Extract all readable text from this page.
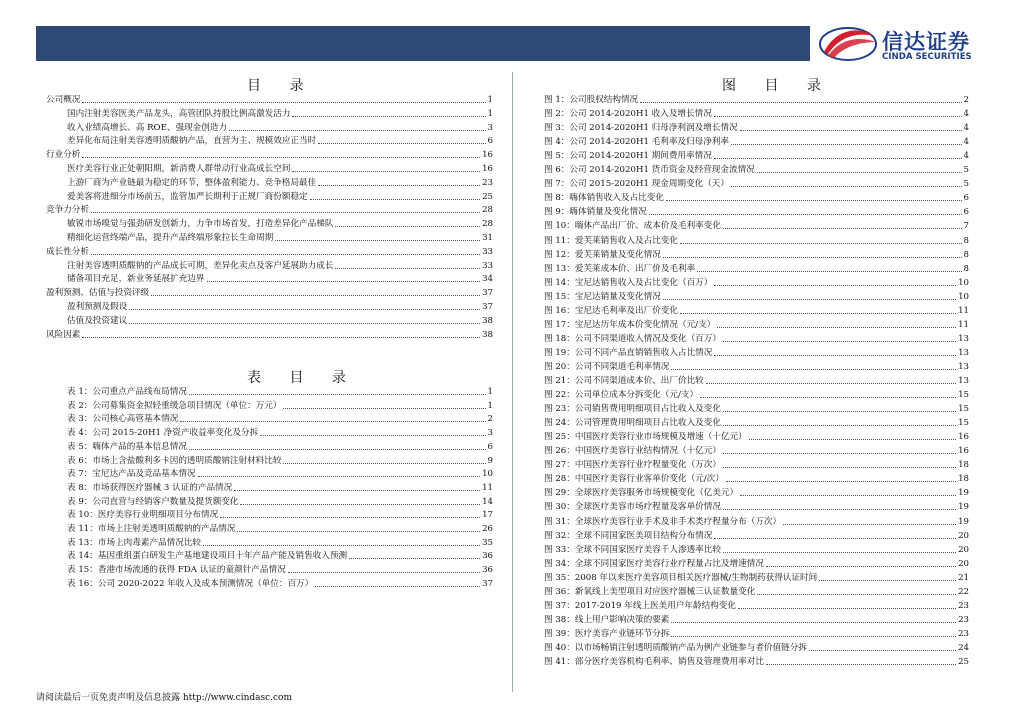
信达证券
CINDA SECURITIES
目 录
公司概况	1
国内注射美容医美产品龙头，高管团队持股比例高激发活力	1
收入业绩高增长、高 ROE、强现金创造力	3
差异化布局注射美容透明质酸钠产品，直营为主、规模效应正当时	6
行业分析	16
医疗美容行业正处朝阳期，新消费人群带动行业高成长空间	16
上游厂商为产业链最为稳定的环节，整体盈利能力、竞争格局最佳	23
爱美客将进细分市场前五，监管加严长期利于正规厂商份额稳定	25
竞争力分析	28
敏锐市场嗅觉与强劲研发创新力，力争市场首发，打造差异化产品梯队	28
精细化运营终端产品，提升产品终端形象拉长生命周期	31
成长性分析	33
注射美容透明质酸钠的产品成长可期，差异化卖点及客户延展助力成长	33
储备项目充足，新业务延展扩充边界	34
盈利预测、估值与投资评级	37
盈利预测及假设	37
估值及投资建议	38
风险因素	38
表 目 录
表 1：公司重点产品线布局情况	1
表 2：公司募集资金拟轻重缓急项目情况（单位：万元）	1
表 3：公司核心高管基本情况	2
表 4：公司 2015-20H1 净资产收益率变化及分拆	3
表 5：嗨体产品的基本信息情况	6
表 6：市场上含盐酸利多卡因的透明质酸钠注射材料比较	9
表 7：宝尼达产品及竞品基本情况	10
表 8：市场获得医疗器械 3 认证的产品情况	11
表 9：公司直营与经销客户数量及提货额变化	14
表 10：医疗美容行业明细项目分布情况	17
表 11：市场上注射美透明质酸钠的产品情况	26
表 13：市场上肉毒素产品情况比较	35
表 14：基因重组蛋白研发生产基地建设项目十年产品产能及销售收入预测	36
表 15：香港市场流通的获得 FDA 认证的童颜针产品情况	36
表 16：公司 2020-2022 年收入及成本预测情况（单位：百万）	37
图 目 录
图 1：公司股权结构情况	2
图 2：公司 2014-2020H1 收入及增长情况	4
图 3：公司 2014-2020H1 归母净利润及增长情况	4
图 4：公司 2014-2020H1 毛利率及归母净利率	4
图 5：公司 2014-2020H1 期间费用率情况	4
图 6：公司 2014-2020H1 货币资金及经营现金流情况	5
图 7：公司 2015-2020H1 现金周期变化（天）	5
图 8：嗨体销售收入及占比变化	6
图 9：嗨体销量及变化情况	6
图 10：嗨体产品出厂价、成本价及毛利率变化	7
图 11：爱芙莱销售收入及占比变化	8
图 12：爱芙莱销量及变化情况	8
图 13：爱芙莱成本价、出厂价及毛利率	8
图 14：宝尼达销售收入及占比变化（百万）	10
图 15：宝尼达销量及变化情况	10
图 16：宝尼达毛利率及出厂价变化	11
图 17：宝尼达历年成本价变化情况（元/支）	11
图 18：公司不同渠道收入情况及变化（百万）	13
图 19：公司不同产品直销销售收入占比情况	13
图 20：公司不同渠道毛利率情况	13
图 21：公司不同渠道成本价、出厂价比较	13
图 22：公司单位成本分拆变化（元/支）	15
图 23：公司销售费用明细项目占比收入及变化	15
图 24：公司管理费用明细项目占比收入及变化	15
图 25：中国医疗美容行业市场规模及增速（十亿元）	16
图 26：中国医疗美容行业结构情况（十亿元）	16
图 27：中国医疗美容行业疗程量变化（万次）	18
图 28：中国医疗美容行业客单价变化（元/次）	18
图 29：全球医疗美容服务市场规模变化（亿美元）	19
图 30：全球医疗美容市场疗程量及客单价情况	19
图 31：全球医疗美容行业手术及非手术类疗程量分布（万次）	19
图 32：全球不同国家医美项目结构分布情况	20
图 33：全球不同国家医疗美容千人渗透率比较	20
图 34：全球不同国家医疗美容行业疗程量占比及增速情况	20
图 35：2008 年以来医疗美容项目相关医疗器械/生物制药获得认证时间	21
图 36：新氧线上美型项目对应医疗器械三认证数量变化	22
图 37：2017-2019 年线上医美用户年龄结构变化	23
图 38：线上用户影响决策的要素	23
图 39：医疗美容产业链环节分拆	23
图 40：以市场畅销注射透明质酸钠产品为例产业链参与者价值链分拆	24
图 41：部分医疗美容机构毛利率、销售及管理费用率对比	25
请阅读最后一页免责声明及信息披露 http://www.cindasc.com
